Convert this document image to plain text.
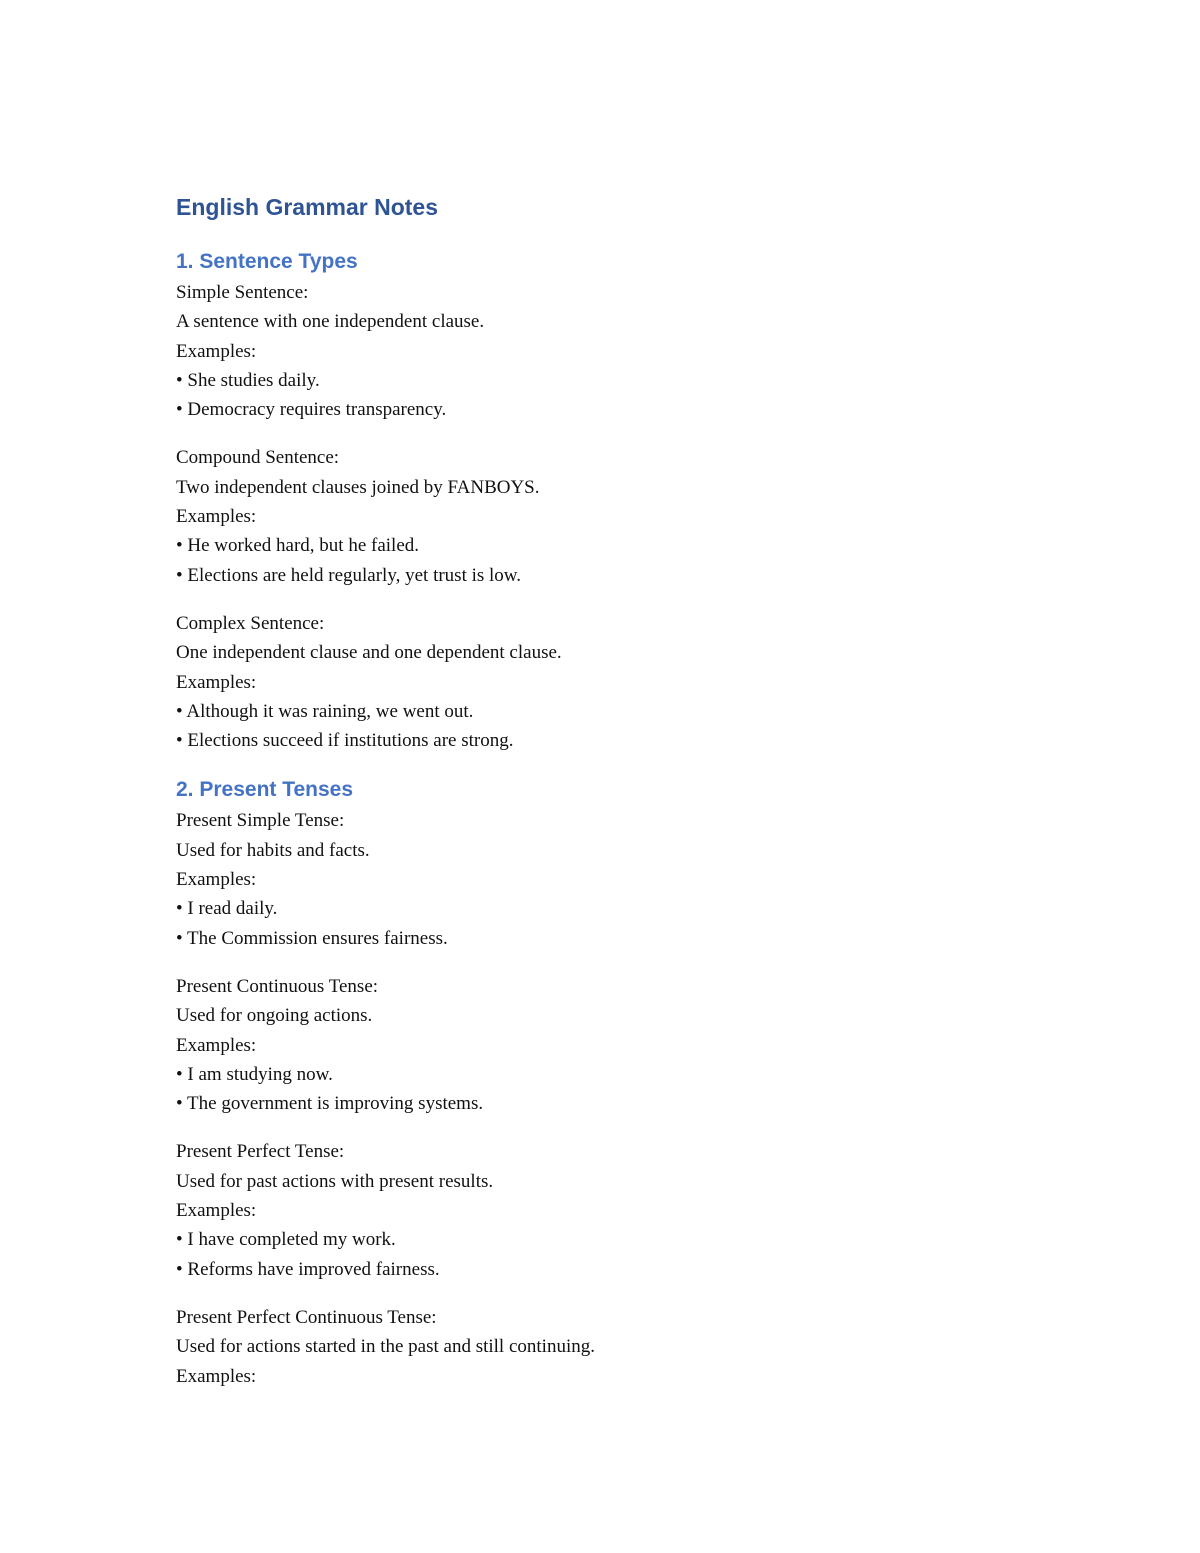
English Grammar Notes
1. Sentence Types

Simple Sentence:

A sentence with one independent clause.

Examples:

• She studies daily.

• Democracy requires transparency.

Compound Sentence:

Two independent clauses joined by FANBOYS.

Examples:

• He worked hard, but he failed.

• Elections are held regularly, yet trust is low.

Complex Sentence:

One independent clause and one dependent clause.

Examples:

• Although it was raining, we went out.

• Elections succeed if institutions are strong.

2. Present Tenses

Present Simple Tense:

Used for habits and facts.

Examples:

• I read daily.

• The Commission ensures fairness.

Present Continuous Tense:

Used for ongoing actions.

Examples:

• I am studying now.

• The government is improving systems.

Present Perfect Tense:

Used for past actions with present results.

Examples:

• I have completed my work.

• Reforms have improved fairness.

Present Perfect Continuous Tense:

Used for actions started in the past and still continuing.

Examples:
